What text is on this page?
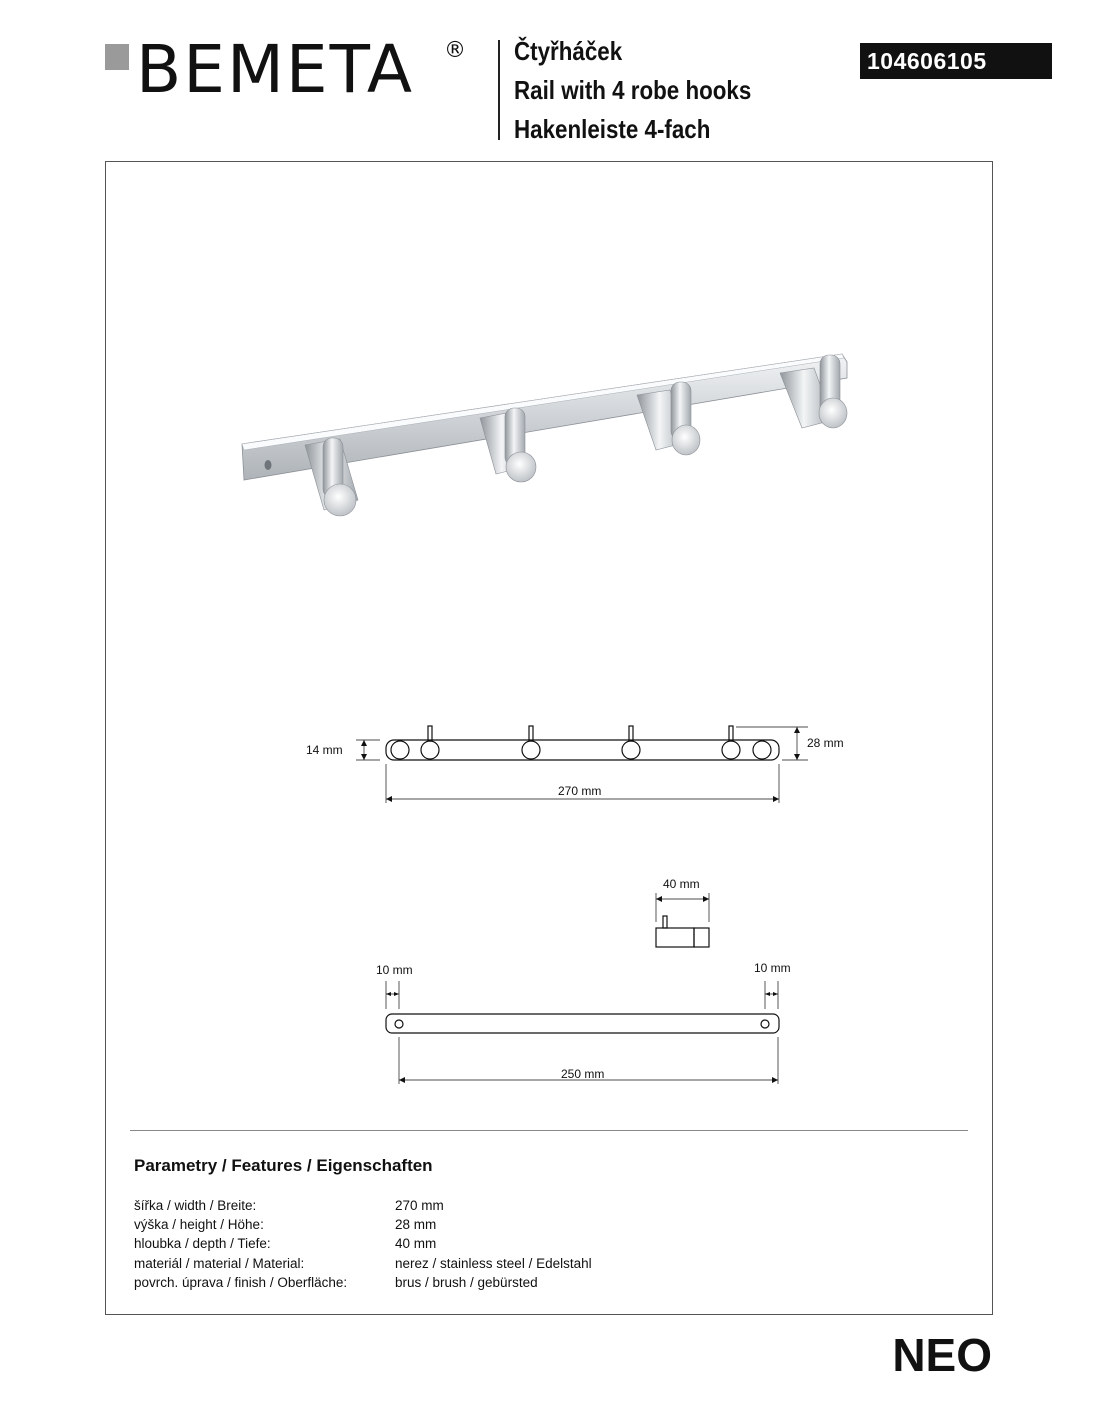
BEMETA ® Čtyřháček
Rail with 4 robe hooks
Hakenleiste 4-fach
104606105
14 mm	28 mm
270 mm
40 mm
10 mm	10 mm
250 mm
Parametry / Features / Eigenschaften
šířka / width / Breite:	270 mm
výška / height / Höhe:	28 mm
hloubka / depth / Tiefe:	40 mm
materiál / material / Material:	nerez / stainless steel / Edelstahl
povrch. úprava / finish / Oberfläche:	brus / brush / gebürsted
NEO
